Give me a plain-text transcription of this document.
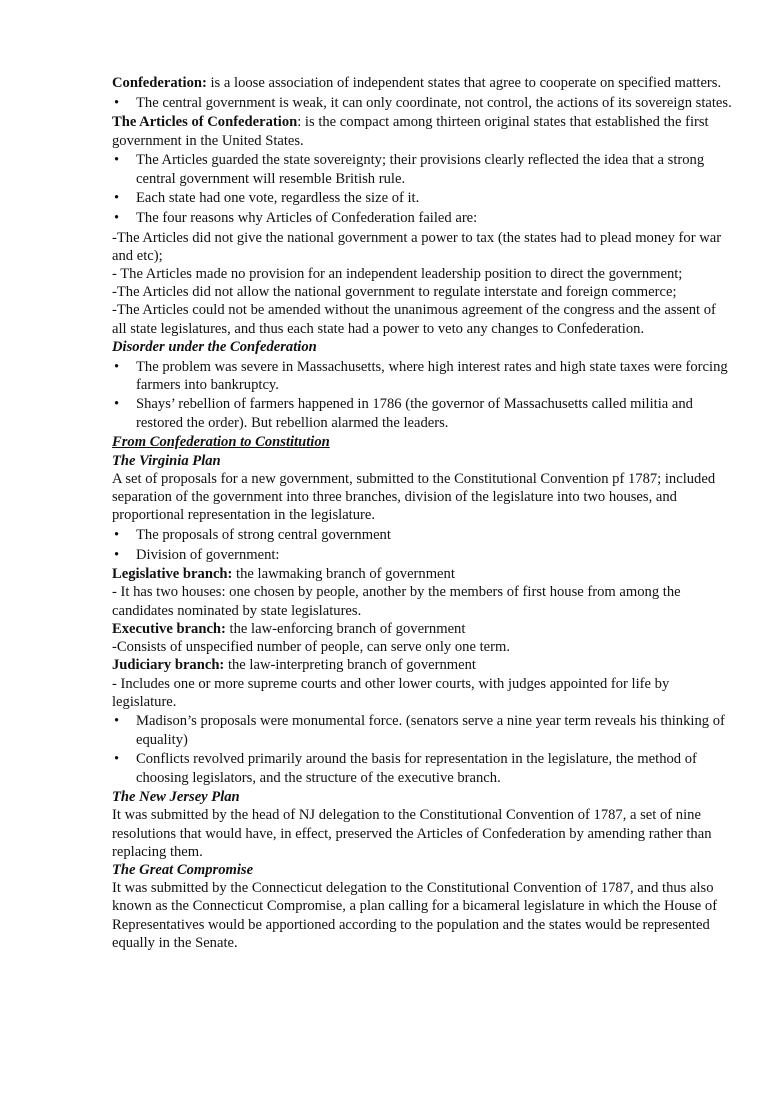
Confederation: is a loose association of independent states that agree to cooperate on specified matters.

• The central government is weak, it can only coordinate, not control, the actions of its sovereign states.

The Articles of Confederation: is the compact among thirteen original states that established the first government in the United States.

• The Articles guarded the state sovereignty; their provisions clearly reflected the idea that a strong central government will resemble British rule.
• Each state had one vote, regardless the size of it.
• The four reasons why Articles of Confederation failed are:

-The Articles did not give the national government a power to tax (the states had to plead money for war and etc);

- The Articles made no provision for an independent leadership position to direct the government;

-The Articles did not allow the national government to regulate interstate and foreign commerce;

-The Articles could not be amended without the unanimous agreement of the congress and the assent of all state legislatures, and thus each state had a power to veto any changes to Confederation.

Disorder under the Confederation

• The problem was severe in Massachusetts, where high interest rates and high state taxes were forcing farmers into bankruptcy.
• Shays’ rebellion of farmers happened in 1786 (the governor of Massachusetts called militia and restored the order). But rebellion alarmed the leaders.

From Confederation to Constitution

The Virginia Plan

A set of proposals for a new government, submitted to the Constitutional Convention pf 1787; included separation of the government into three branches, division of the legislature into two houses, and proportional representation in the legislature.

• The proposals of strong central government
• Division of government:

Legislative branch: the lawmaking branch of government

- It has two houses: one chosen by people, another by the members of first house from among the candidates nominated by state legislatures.

Executive branch: the law-enforcing branch of government

-Consists of unspecified number of people, can serve only one term.

Judiciary branch: the law-interpreting branch of government

- Includes one or more supreme courts and other lower courts, with judges appointed for life by legislature.

• Madison’s proposals were monumental force. (senators serve a nine year term reveals his thinking of equality)
• Conflicts revolved primarily around the basis for representation in the legislature, the method of choosing legislators, and the structure of the executive branch.

The New Jersey Plan

It was submitted by the head of NJ delegation to the Constitutional Convention of 1787, a set of nine resolutions that would have, in effect, preserved the Articles of Confederation by amending rather than replacing them.

The Great Compromise

It was submitted by the Connecticut delegation to the Constitutional Convention of 1787, and thus also known as the Connecticut Compromise, a plan calling for a bicameral legislature in which the House of Representatives would be apportioned according to the population and the states would be represented equally in the Senate.
